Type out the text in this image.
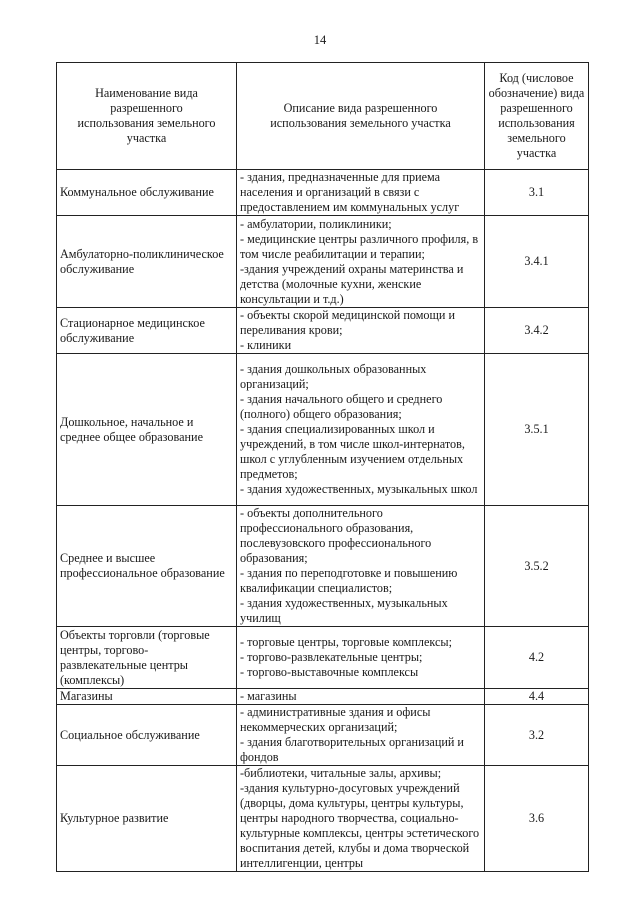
14
Наименование вида разрешенного использования земельного участка	Описание вида разрешенного использования земельного участка	Код (числовое обозначение) вида разрешенного использования земельного участка
Коммунальное обслуживание	- здания, предназначенные для приема населения и организаций в связи с предоставлением им коммунальных услуг	3.1
Амбулаторно-поликлиническое обслуживание	- амбулатории, поликлиники;
- медицинские центры различного профиля, в том числе реабилитации и терапии;
-здания учреждений охраны материнства и детства (молочные кухни, женские консультации и т.д.)	3.4.1
Стационарное медицинское обслуживание	- объекты скорой медицинской помощи и переливания крови;
- клиники	3.4.2
Дошкольное, начальное и среднее общее образование	- здания дошкольных образованных организаций;
- здания начального общего и среднего (полного) общего образования;
- здания специализированных школ и учреждений, в том числе школ-интернатов, школ с углубленным изучением отдельных предметов;
- здания художественных, музыкальных школ	3.5.1
Среднее и высшее профессиональное образование	- объекты дополнительного профессионального образования, послевузовского профессионального образования;
- здания по переподготовке и повышению квалификации специалистов;
- здания художественных, музыкальных училищ	3.5.2
Объекты торговли (торговые центры, торгово-развлекательные центры (комплексы)	- торговые центры, торговые комплексы;
- торгово-развлекательные центры;
- торгово-выставочные комплексы	4.2
Магазины	- магазины	4.4
Социальное обслуживание	- административные здания и офисы некоммерческих организаций;
- здания благотворительных организаций и фондов	3.2
Культурное развитие	-библиотеки, читальные залы, архивы;
-здания культурно-досуговых учреждений (дворцы, дома культуры, центры культуры, центры народного творчества, социально-культурные комплексы, центры эстетического воспитания детей, клубы и дома творческой интеллигенции, центры	3.6
